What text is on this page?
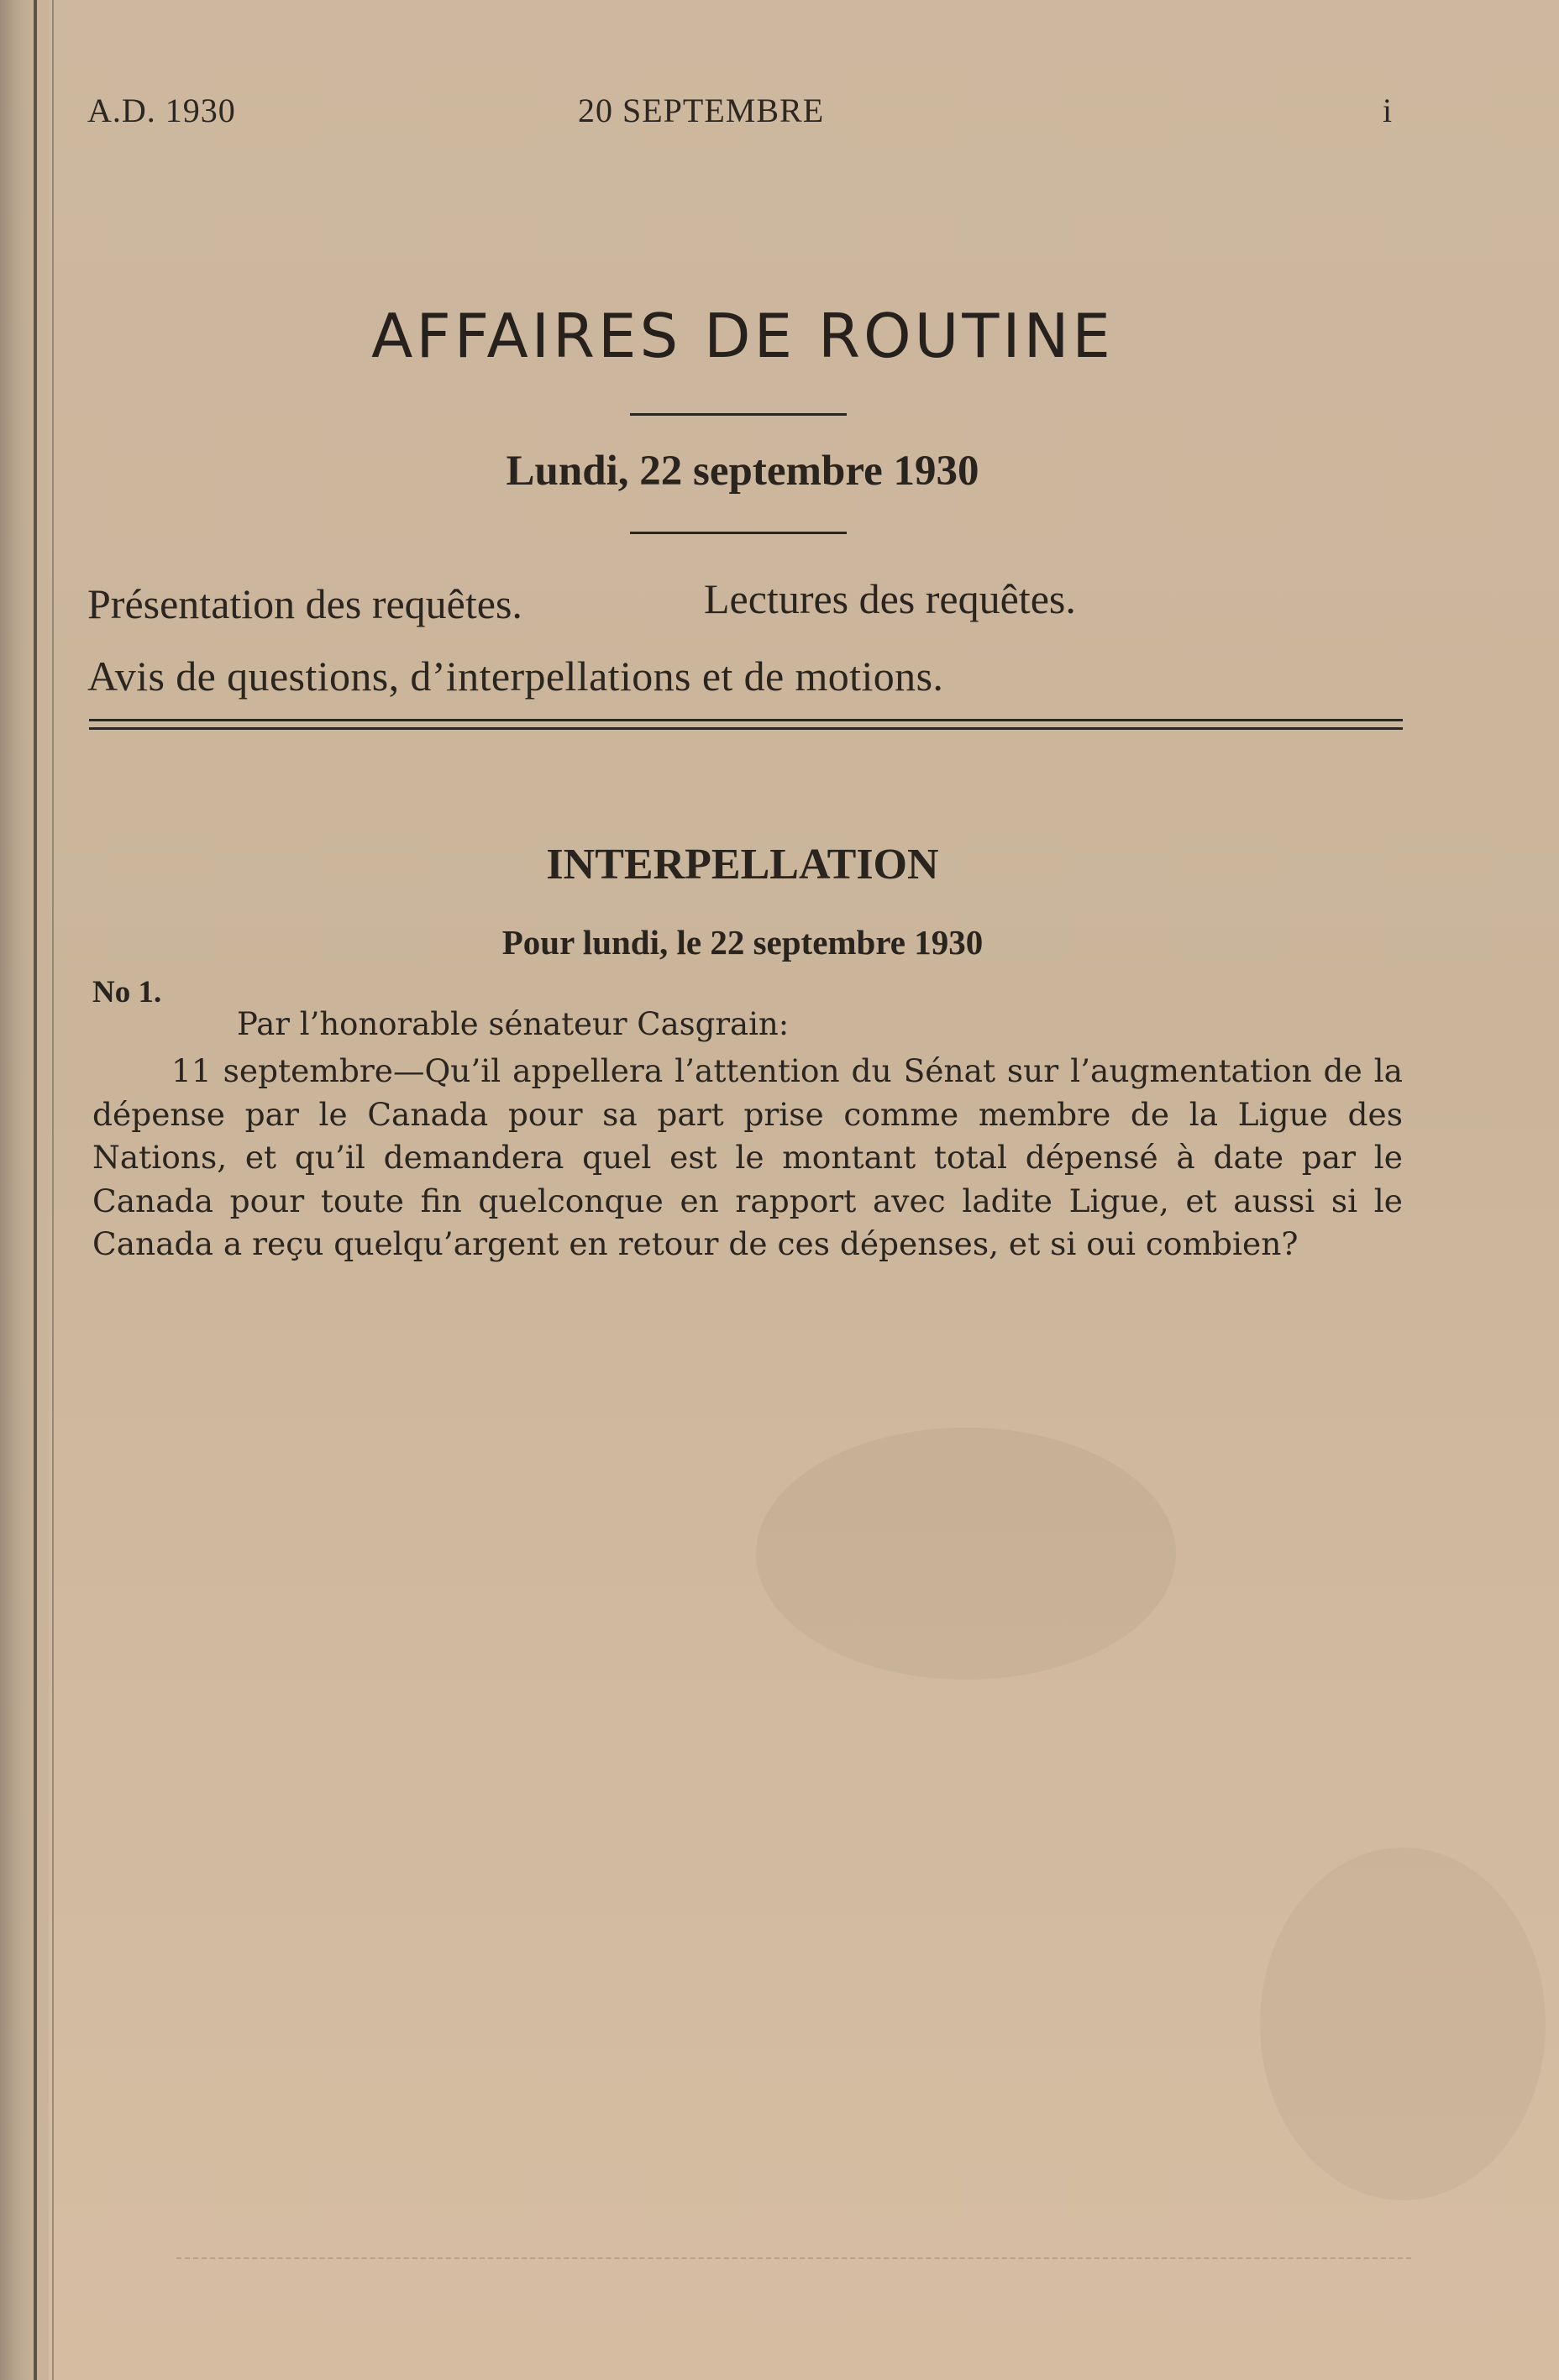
A.D. 1930	20 SEPTEMBRE	i
AFFAIRES DE ROUTINE
Lundi, 22 septembre 1930
Présentation des requêtes.	Lectures des requêtes.
Avis de questions, d’interpellations et de motions.
INTERPELLATION
Pour lundi, le 22 septembre 1930
No 1.
Par l’honorable sénateur Casgrain:

11 septembre—Qu’il appellera l’attention du Sénat sur l’augmentation de la dépense par le Canada pour sa part prise comme membre de la Ligue des Nations, et qu’il demandera quel est le montant total dépensé à date par le Canada pour toute fin quelconque en rapport avec ladite Ligue, et aussi si le Canada a reçu quelqu’argent en retour de ces dépenses, et si oui combien?
